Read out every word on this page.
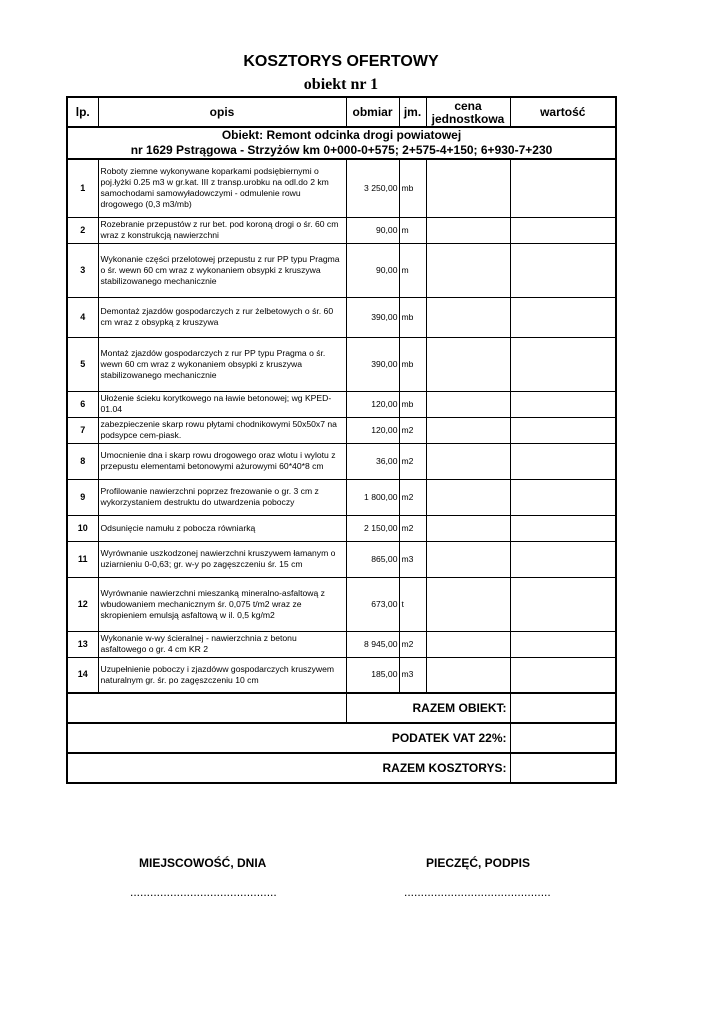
KOSZTORYS OFERTOWY
obiekt nr 1
lp.	opis	obmiar	jm.	cena
jednostkowa	wartość

Obiekt: Remont odcinka drogi powiatowej
nr 1629 Pstrągowa - Strzyżów km 0+000-0+575; 2+575-4+150; 6+930-7+230					

1	Roboty ziemne wykonywane koparkami podsiębiernymi o poj.łyżki 0.25 m3 w gr.kat. III z transp.urobku na odl.do 2 km samochodami samowyładowczymi - odmulenie rowu drogowego (0,3 m3/mb)	3 250,00	mb		
2	Rozebranie przepustów z rur bet. pod koroną drogi o śr. 60 cm wraz z konstrukcją nawierzchni	90,00	m		
3	Wykonanie części przelotowej przepustu z rur PP typu Pragma o śr. wewn 60 cm wraz z wykonaniem obsypki z kruszywa stabilizowanego mechanicznie	90,00	m		
4	Demontaż zjazdów gospodarczych z rur żelbetowych o śr. 60 cm wraz z obsypką z kruszywa	390,00	mb		
5	Montaż zjazdów gospodarczych z rur PP typu Pragma o śr. wewn 60 cm wraz z wykonaniem obsypki z kruszywa stabilizowanego mechanicznie	390,00	mb		
6	Ułożenie ścieku korytkowego na ławie betonowej; wg KPED-01.04	120,00	mb		
7	zabezpieczenie skarp rowu płytami chodnikowymi 50x50x7 na podsypce cem-piask.	120,00	m2		
8	Umocnienie dna i skarp rowu drogowego oraz wlotu i wylotu z przepustu elementami betonowymi ażurowymi 60*40*8 cm	36,00	m2		
9	Profilowanie nawierzchni poprzez frezowanie o gr. 3 cm z wykorzystaniem destruktu do utwardzenia poboczy	1 800,00	m2		
10	Odsunięcie namułu z pobocza równiarką	2 150,00	m2		
11	Wyrównanie uszkodzonej nawierzchni kruszywem łamanym o uziarnieniu 0-0,63; gr. w-y po zagęszczeniu śr. 15 cm	865,00	m3		
12	Wyrównanie nawierzchni mieszanką mineralno-asfaltową z wbudowaniem mechanicznym śr. 0,075 t/m2 wraz ze skropieniem emulsją asfaltową w il. 0,5 kg/m2	673,00	t		
13	Wykonanie w-wy ścieralnej - nawierzchnia z betonu asfaltowego o gr. 4 cm KR 2	8 945,00	m2		
14	Uzupełnienie poboczy i zjazdóww gospodarczych kruszywem naturalnym gr. śr. po zagęszczeniu 10 cm	185,00	m3		
		RAZEM OBIEKT:			
PODATEK VAT 22%:					
RAZEM KOSZTORYS:					
MIEJSCOWOŚĆ, DNIA	PIECZĘĆ, PODPIS
............................................	............................................
